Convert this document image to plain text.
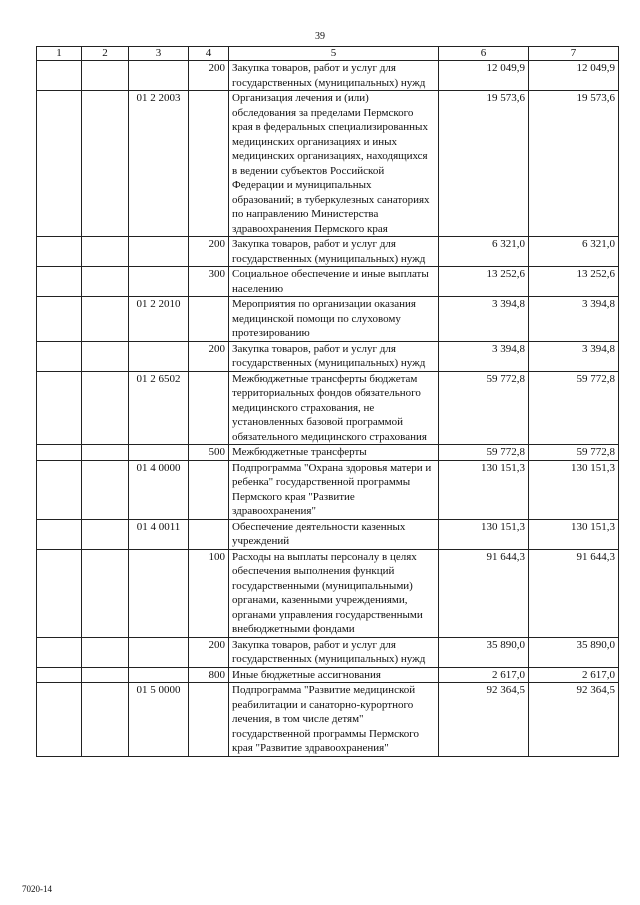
39
1	2	3	4	5	6	7
			200	Закупка товаров, работ и услуг для государственных (муниципальных) нужд	12 049,9	12 049,9
		01 2 2003		Организация лечения и (или) обследования за пределами Пермского края в федеральных специализированных медицинских организациях и иных медицинских организациях, находящихся в ведении субъектов Российской Федерации и муниципальных образований; в туберкулезных санаториях по направлению Министерства здравоохранения Пермского края	19 573,6	19 573,6
			200	Закупка товаров, работ и услуг для государственных (муниципальных) нужд	6 321,0	6 321,0
			300	Социальное обеспечение и иные выплаты населению	13 252,6	13 252,6
		01 2 2010		Мероприятия по организации оказания медицинской помощи по слуховому протезированию	3 394,8	3 394,8
			200	Закупка товаров, работ и услуг для государственных (муниципальных) нужд	3 394,8	3 394,8
		01 2 6502		Межбюджетные трансферты бюджетам территориальных фондов обязательного медицинского страхования, не установленных базовой программой обязательного медицинского страхования	59 772,8	59 772,8
			500	Межбюджетные трансферты	59 772,8	59 772,8
		01 4 0000		Подпрограмма "Охрана здоровья матери и ребенка" государственной программы Пермского края "Развитие здравоохранения"	130 151,3	130 151,3
		01 4 0011		Обеспечение деятельности казенных учреждений	130 151,3	130 151,3
			100	Расходы на выплаты персоналу в целях обеспечения выполнения функций государственными (муниципальными) органами, казенными учреждениями, органами управления государственными внебюджетными фондами	91 644,3	91 644,3
			200	Закупка товаров, работ и услуг для государственных (муниципальных) нужд	35 890,0	35 890,0
			800	Иные бюджетные ассигнования	2 617,0	2 617,0
		01 5 0000		Подпрограмма "Развитие медицинской реабилитации и санаторно-курортного лечения, в том числе детям" государственной программы Пермского края "Развитие здравоохранения"	92 364,5	92 364,5
7020-14
